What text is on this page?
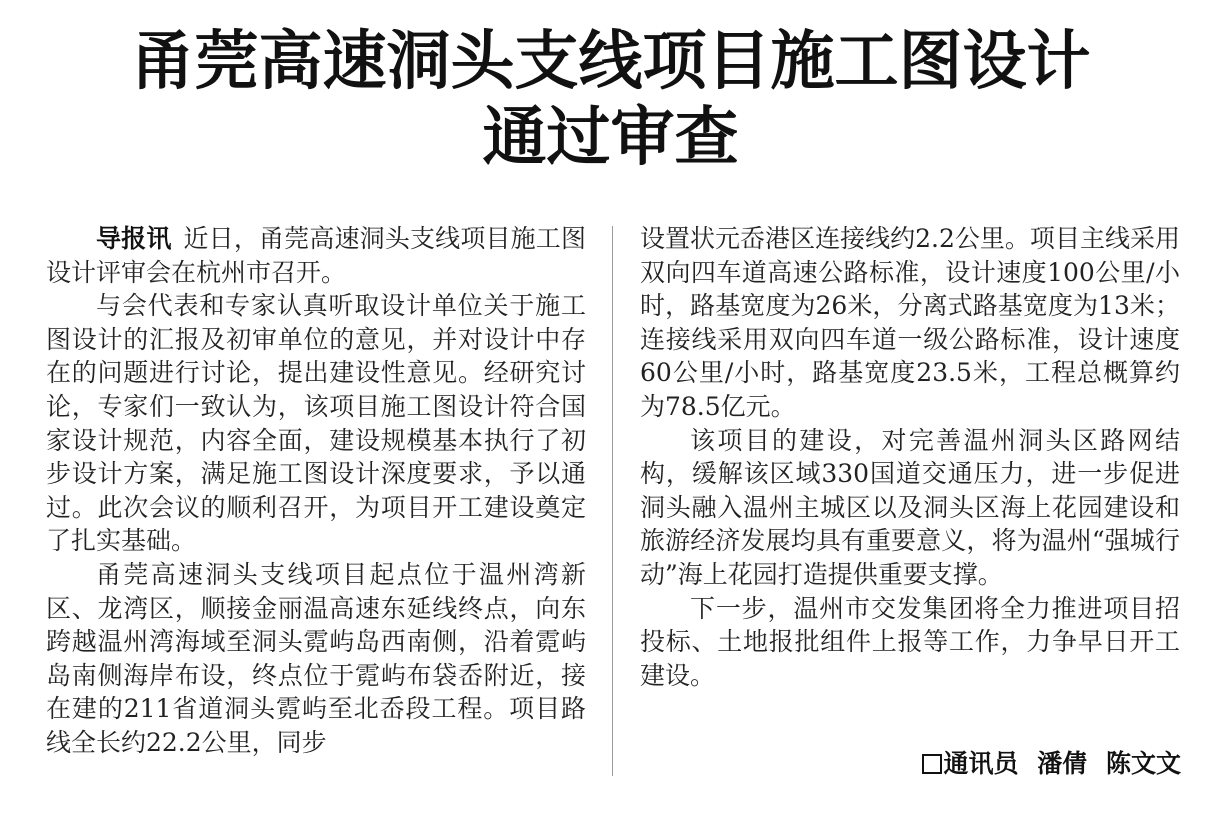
甬莞高速洞头支线项目施工图设计
通过审查

导报讯 近日，甬莞高速洞头支线项目施工图设计评审会在杭州市召开。

与会代表和专家认真听取设计单位关于施工图设计的汇报及初审单位的意见，并对设计中存在的问题进行讨论，提出建设性意见。经研究讨论，专家们一致认为，该项目施工图设计符合国家设计规范，内容全面，建设规模基本执行了初步设计方案，满足施工图设计深度要求，予以通过。此次会议的顺利召开，为项目开工建设奠定了扎实基础。

甬莞高速洞头支线项目起点位于温州湾新区、龙湾区，顺接金丽温高速东延线终点，向东跨越温州湾海域至洞头霓屿岛西南侧，沿着霓屿岛南侧海岸布设，终点位于霓屿布袋岙附近，接在建的211省道洞头霓屿至北岙段工程。项目路线全长约22.2公里，同步

设置状元岙港区连接线约2.2公里。项目主线采用双向四车道高速公路标准，设计速度100公里/小时，路基宽度为26米，分离式路基宽度为13米；连接线采用双向四车道一级公路标准，设计速度60公里/小时，路基宽度23.5米，工程总概算约为78.5亿元。

该项目的建设，对完善温州洞头区路网结构，缓解该区域330国道交通压力，进一步促进洞头融入温州主城区以及洞头区海上花园建设和旅游经济发展均具有重要意义，将为温州“强城行动”海上花园打造提供重要支撑。

下一步，温州市交发集团将全力推进项目招投标、土地报批组件上报等工作，力争早日开工建设。

通讯员 潘倩 陈文文
